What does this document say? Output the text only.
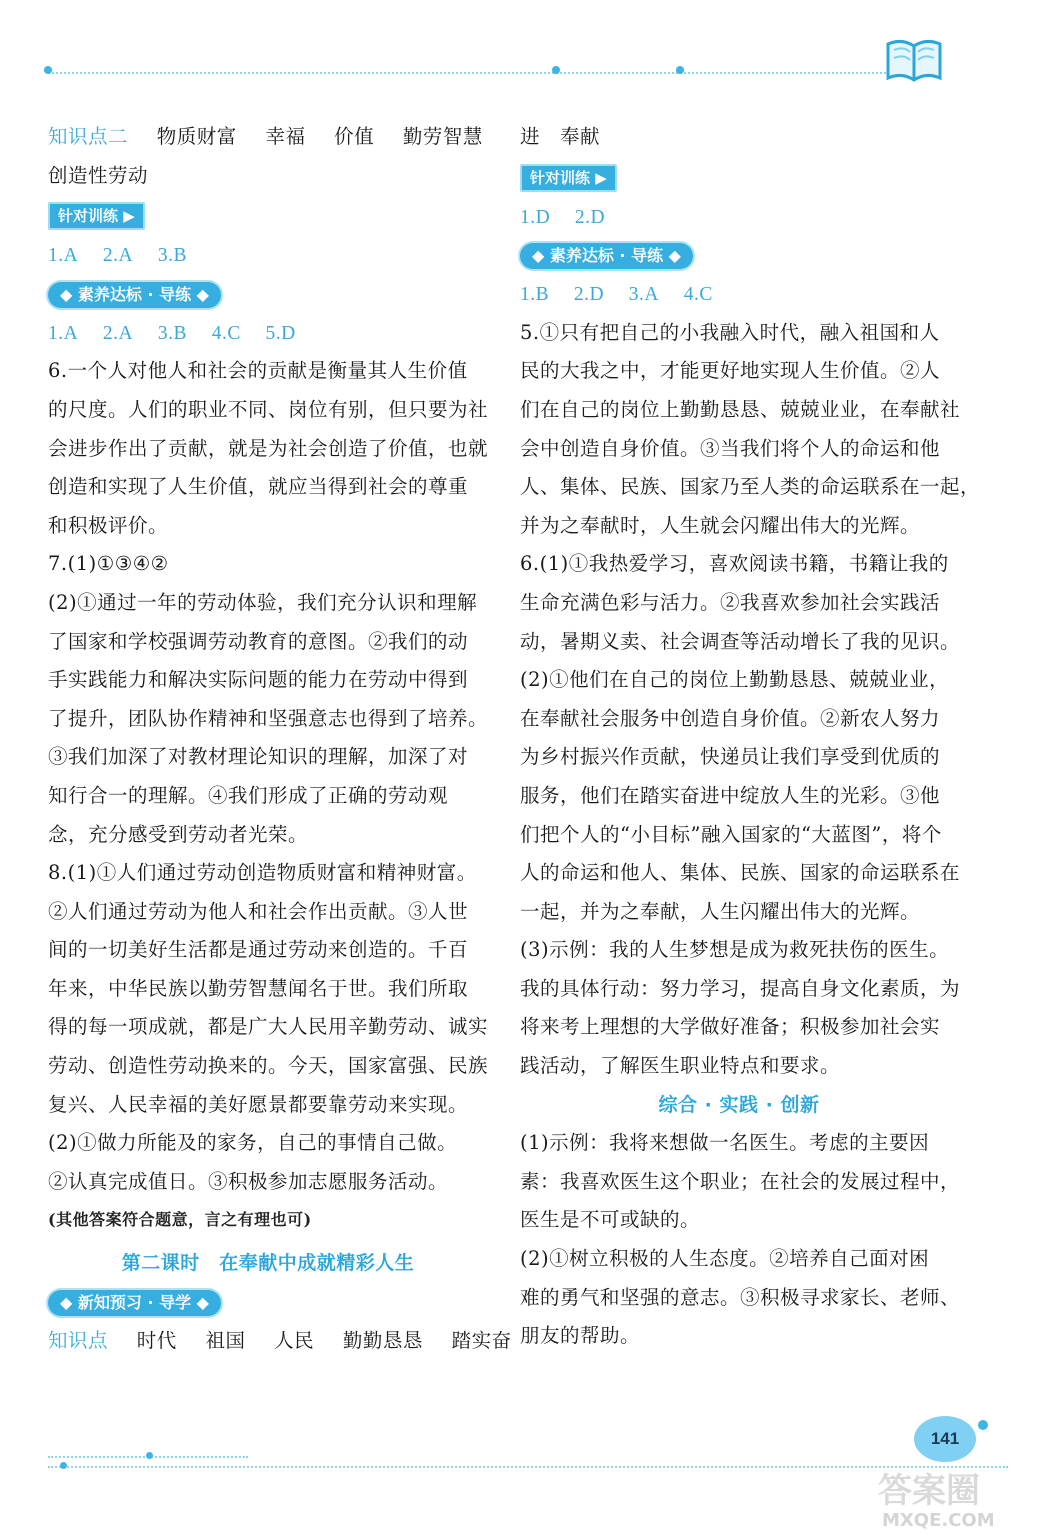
知识点二 物质财富 幸福 价值 勤劳智慧
创造性劳动
针对训练 ▶
1.A 2.A 3.B
◆ 素养达标 · 导练 ◆
1.A 2.A 3.B 4.C 5.D
6.一个人对他人和社会的贡献是衡量其人生价值
的尺度。人们的职业不同、岗位有别，但只要为社
会进步作出了贡献，就是为社会创造了价值，也就
创造和实现了人生价值，就应当得到社会的尊重
和积极评价。
7.(1)①③④②
(2)①通过一年的劳动体验，我们充分认识和理解
了国家和学校强调劳动教育的意图。②我们的动
手实践能力和解决实际问题的能力在劳动中得到
了提升，团队协作精神和坚强意志也得到了培养。
③我们加深了对教材理论知识的理解，加深了对
知行合一的理解。④我们形成了正确的劳动观
念，充分感受到劳动者光荣。
8.(1)①人们通过劳动创造物质财富和精神财富。
②人们通过劳动为他人和社会作出贡献。③人世
间的一切美好生活都是通过劳动来创造的。千百
年来，中华民族以勤劳智慧闻名于世。我们所取
得的每一项成就，都是广大人民用辛勤劳动、诚实
劳动、创造性劳动换来的。今天，国家富强、民族
复兴、人民幸福的美好愿景都要靠劳动来实现。
(2)①做力所能及的家务，自己的事情自己做。
②认真完成值日。③积极参加志愿服务活动。
(其他答案符合题意，言之有理也可)
第二课时　在奉献中成就精彩人生
◆ 新知预习 · 导学 ◆
知识点 时代 祖国 人民 勤勤恳恳 踏实奋
进　奉献
针对训练 ▶
1.D 2.D
◆ 素养达标 · 导练 ◆
1.B 2.D 3.A 4.C
5.①只有把自己的小我融入时代，融入祖国和人
民的大我之中，才能更好地实现人生价值。②人
们在自己的岗位上勤勤恳恳、兢兢业业，在奉献社
会中创造自身价值。③当我们将个人的命运和他
人、集体、民族、国家乃至人类的命运联系在一起，
并为之奉献时，人生就会闪耀出伟大的光辉。
6.(1)①我热爱学习，喜欢阅读书籍，书籍让我的
生命充满色彩与活力。②我喜欢参加社会实践活
动，暑期义卖、社会调查等活动增长了我的见识。
(2)①他们在自己的岗位上勤勤恳恳、兢兢业业，
在奉献社会服务中创造自身价值。②新农人努力
为乡村振兴作贡献，快递员让我们享受到优质的
服务，他们在踏实奋进中绽放人生的光彩。③他
们把个人的“小目标”融入国家的“大蓝图”，将个
人的命运和他人、集体、民族、国家的命运联系在
一起，并为之奉献，人生闪耀出伟大的光辉。
(3)示例：我的人生梦想是成为救死扶伤的医生。
我的具体行动：努力学习，提高自身文化素质，为
将来考上理想的大学做好准备；积极参加社会实
践活动，了解医生职业特点和要求。
综合 · 实践 · 创新
(1)示例：我将来想做一名医生。考虑的主要因
素：我喜欢医生这个职业；在社会的发展过程中，
医生是不可或缺的。
(2)①树立积极的人生态度。②培养自己面对困
难的勇气和坚强的意志。③积极寻求家长、老师、
朋友的帮助。
141
答案圈
MXQE.COM
